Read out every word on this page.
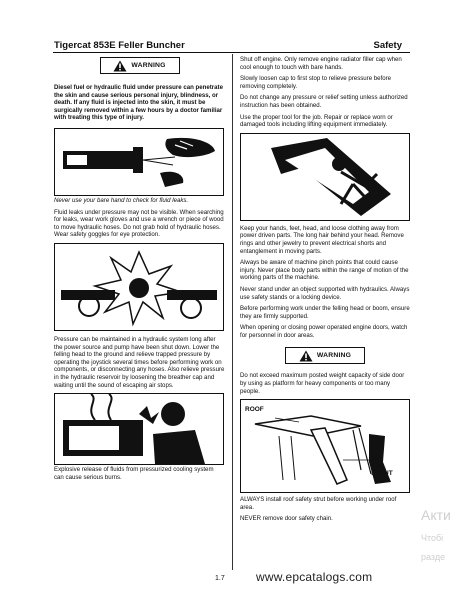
Tigercat 853E Feller Buncher	Safety
WARNING

Diesel fuel or hydraulic fluid under pressure can penetrate the skin and cause serious personal injury, blindness, or death. If any fluid is injected into the skin, it must be surgically removed within a few hours by a doctor familiar with treating this type of injury.

Never use your bare hand to check for fluid leaks.

Fluid leaks under pressure may not be visible. When searching for leaks, wear work gloves and use a wrench or piece of wood to move hydraulic hoses. Do not grab hold of hydraulic hoses. Wear safety goggles for eye protection.

Pressure can be maintained in a hydraulic system long after the power source and pump have been shut down. Lower the felling head to the ground and relieve trapped pressure by operating the joystick several times before performing work on components, or disconnecting any hoses. Also relieve pressure in the hydraulic reservoir by loosening the breather cap and waiting until the sound of escaping air stops.

Explosive release of fluids from pressurized cooling system can cause serious burns.

Shut off engine. Only remove engine radiator filler cap when cool enough to touch with bare hands.

Slowly loosen cap to first stop to relieve pressure before removing completely.

Do not change any pressure or relief setting unless authorized instruction has been obtained.

Use the proper tool for the job. Repair or replace worn or damaged tools including lifting equipment immediately.

Keep your hands, feet, head, and loose clothing away from power driven parts. The long hair behind your head. Remove rings and other jewelry to prevent electrical shorts and entanglement in moving parts.

Always be aware of machine pinch points that could cause injury. Never place body parts within the range of motion of the working parts of the machine.

Never stand under an object supported with hydraulics. Always use safety stands or a locking device.

Before performing work under the felling head or boom, ensure they are firmly supported.

When opening or closing power operated engine doors, watch for personnel in door areas.

WARNING

Do not exceed maximum posted weight capacity of side door by using as platform for heavy components or too many people.

ROOF
STRUT

ALWAYS install roof safety strut before working under roof area.

NEVER remove door safety chain.

1.7	www.epcatalogs.com
Акти
Чтобі
разде
